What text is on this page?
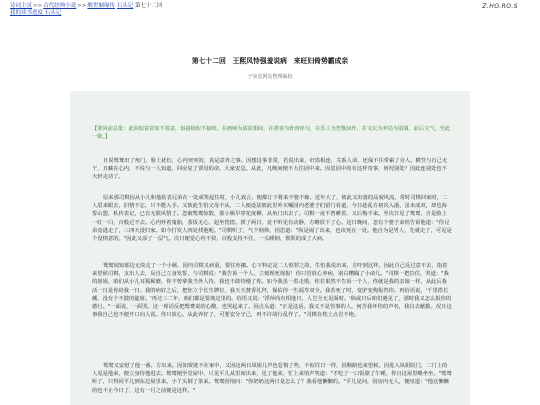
诗词主页>>古代经典小说>>醒世姻缘传 石头记 第七十二回
我的读书进度 石头记
Z.HO.RO.S
第七十二回　王熙凤恃强羞说病　来旺妇倚势霸成亲
子夜星网站整理编校
【蒙回前总批：此回似着意似不着意，似接续似不接续，在画师为浓淡相间，在墨客为骨肉停匀，在乐工为笙歌间作。在文坛为养局为别调。前后文气，至此一歇。】

且说鸳鸯出了角门，脸上犹红，心内突突的，真是意外之事。因想这事非常，若说出来，奸盗相连，关系人命，还保不住带累了旁人。横竖与自己无干，且藏在心内，不说与一人知道。回房复了贾母的命，大家安息。从此，凡晚间便不大往园中来。因思园中尚有这样奇事，何况别处？因此连别处也不大轻走动了。

原来那司棋因从小儿和他姑表兄弟在一处顽笑起住时，小儿戏言，便都订下将来不娶不嫁。近年大了，彼此又出落的品貌风流，常时司棋回家时，二人眉来眼去，旧情不忘，只不能入手。又彼此生怕父母不从，二人便设法彼此里外买嘱园内老婆子们留门看道，今日趁乱方初次入港。虽未成双，却也海誓山盟，私传表记，已有无限风情了。忽被鸳鸯惊散，那小厮早穿花度柳，从角门出去了。司棋一夜不曾睡着，又后悔不来。至次日见了鸳鸯，自是脸上一红一白，百般过不去。心内怀着鬼胎，茶饭无心，起坐恍惚。挨了两日，竟不听见有动静，方略放下了心。这日晚间，忽有个婆子来悄告诉他道："你兄弟竟逃走了，三四天没归家。如今打发人四处找他呢。"司棋听了，气个倒仰，因思道："纵是闹了出来，也该死在一处。他自为是男人，先就走了，可见是个没情意的。"因此又添了一层气。次日便觉心内不快，百般支持不住，一头睡倒，恹恹的成了大病。

鸳鸯闻知那边无故走了一个小厮，园内司棋又病重，要往外挪。心下料定是二人惧罪之故，生怕我说出来，方吓到这样。因此自己反过意不去，指着来望候司棋，支出人去，反自己立身发誓，与司棋说："我告诉一个人，立刻现死现报！你只管放心养病，别白糟蹋了小命儿。"司棋一把拉住，哭道："我的姐姐，咱们从小儿耳鬓厮磨，你不曾拿我当外人待，我也不敢待慢了你。如今我虽一着走错，你若果然不告诉一个人，你就是我的亲娘一样。从此后我活一日是你给我一日。我的病好之后，把你立个长生牌位，我天天焚香礼拜，保佑你一生福寿双全。我若死了时，变驴变狗报答你。再俗语说，'千里搭长棚，没有个不散的筵席。'再过三二年，咱们都是要离这里的。俗语又说：'浮萍尚有相逢日，人岂全无见面时。'倘或日后咱们遇见了，那时我又怎么报你的德行。"一面说，一面哭。这一席话反把鸳鸯说的心酸，也哭起来了。因点头道："正是这话。我又不是管事的人，何苦我坏你的声名，我白去献勤。况且这事我自己也不便开口向人说。你只放心。从此养好了，可要安分守己，再不许胡行乱作了。"司棋在枕上点首不绝。

鸳鸯又安慰了他一番，方出来。因知贾琏不在家中，又因这两日凤姐儿声色怠惰了些，不似往日一样，因顺路也来望候。因进入凤姐院门，二门上的人见是他来，便立身待他进去。鸳鸯刚至堂屋中，只见平儿从里间出来，见了他来，忙上来悄声笑道："才吃了一口饭歇了午睡，你且这屋里略坐坐。"鸳鸯听了，只得同平儿到东边屋里来。小丫头倒了茶来。鸳鸯因悄问："你奶奶这两日是怎么了？我看他懒懒的。"平儿见问，因房内无人，便叹道："他这懒懒的也不止今日了，这有一月之前便是这样。"
